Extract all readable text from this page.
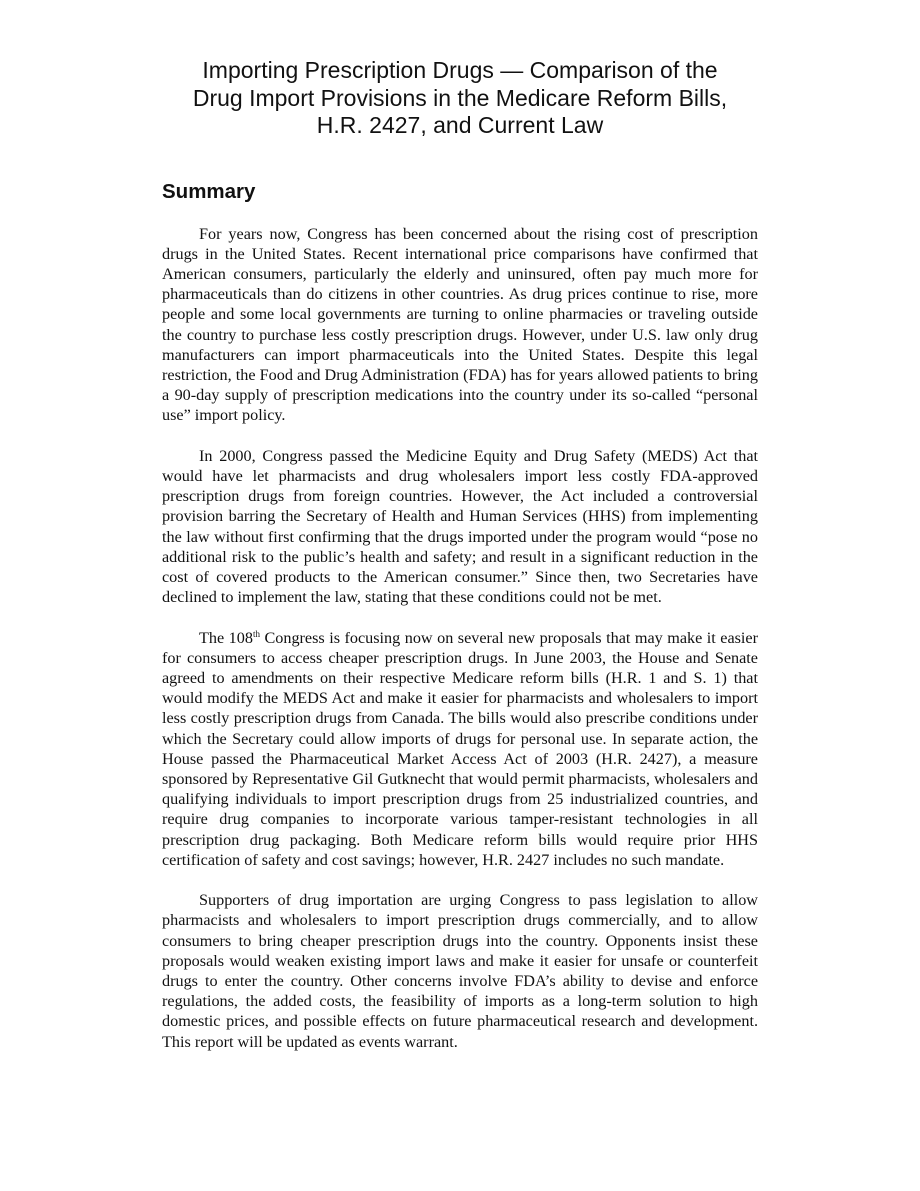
Importing Prescription Drugs — Comparison of the
Drug Import Provisions in the Medicare Reform Bills,
H.R. 2427, and Current Law
Summary

For years now, Congress has been concerned about the rising cost of prescription drugs in the United States. Recent international price comparisons have confirmed that American consumers, particularly the elderly and uninsured, often pay much more for pharmaceuticals than do citizens in other countries. As drug prices continue to rise, more people and some local governments are turning to online pharmacies or traveling outside the country to purchase less costly prescription drugs. However, under U.S. law only drug manufacturers can import pharmaceuticals into the United States. Despite this legal restriction, the Food and Drug Administration (FDA) has for years allowed patients to bring a 90-day supply of prescription medications into the country under its so-called “personal use” import policy.

In 2000, Congress passed the Medicine Equity and Drug Safety (MEDS) Act that would have let pharmacists and drug wholesalers import less costly FDA-approved prescription drugs from foreign countries. However, the Act included a controversial provision barring the Secretary of Health and Human Services (HHS) from implementing the law without first confirming that the drugs imported under the program would “pose no additional risk to the public’s health and safety; and result in a significant reduction in the cost of covered products to the American consumer.” Since then, two Secretaries have declined to implement the law, stating that these conditions could not be met.

The 108th Congress is focusing now on several new proposals that may make it easier for consumers to access cheaper prescription drugs. In June 2003, the House and Senate agreed to amendments on their respective Medicare reform bills (H.R. 1 and S. 1) that would modify the MEDS Act and make it easier for pharmacists and wholesalers to import less costly prescription drugs from Canada. The bills would also prescribe conditions under which the Secretary could allow imports of drugs for personal use. In separate action, the House passed the Pharmaceutical Market Access Act of 2003 (H.R. 2427), a measure sponsored by Representative Gil Gutknecht that would permit pharmacists, wholesalers and qualifying individuals to import prescription drugs from 25 industrialized countries, and require drug companies to incorporate various tamper-resistant technologies in all prescription drug packaging. Both Medicare reform bills would require prior HHS certification of safety and cost savings; however, H.R. 2427 includes no such mandate.

Supporters of drug importation are urging Congress to pass legislation to allow pharmacists and wholesalers to import prescription drugs commercially, and to allow consumers to bring cheaper prescription drugs into the country. Opponents insist these proposals would weaken existing import laws and make it easier for unsafe or counterfeit drugs to enter the country. Other concerns involve FDA’s ability to devise and enforce regulations, the added costs, the feasibility of imports as a long-term solution to high domestic prices, and possible effects on future pharmaceutical research and development. This report will be updated as events warrant.
